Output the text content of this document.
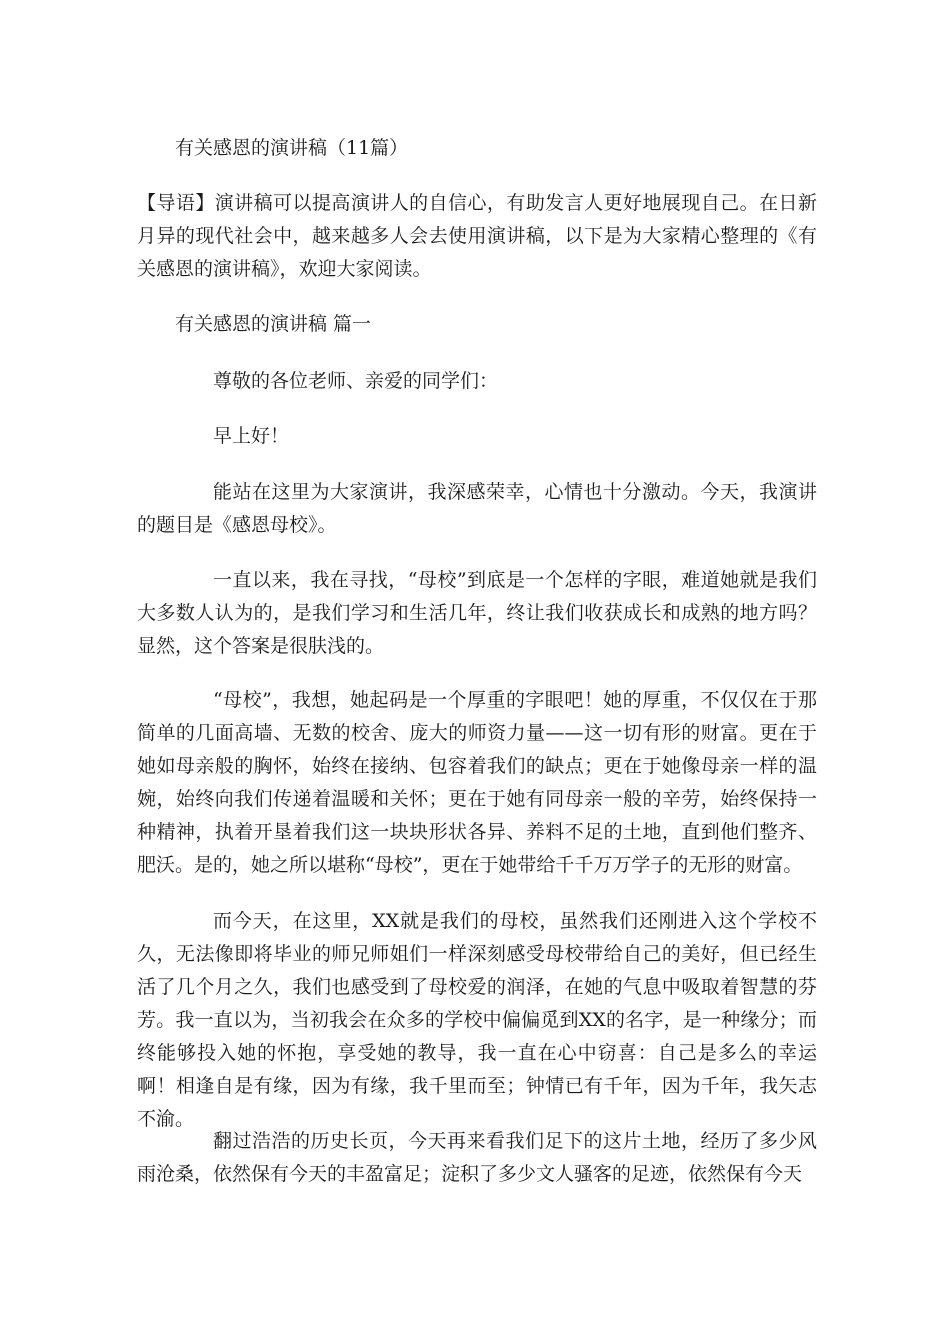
有关感恩的演讲稿（11篇）

【导语】演讲稿可以提高演讲人的自信心，有助发言人更好地展现自己。在日新月异的现代社会中，越来越多人会去使用演讲稿，以下是为大家精心整理的《有关感恩的演讲稿》，欢迎大家阅读。

有关感恩的演讲稿 篇一
尊敬的各位老师、亲爱的同学们：
早上好！

能站在这里为大家演讲，我深感荣幸，心情也十分激动。今天，我演讲的题目是《感恩母校》。

一直以来，我在寻找，“母校”到底是一个怎样的字眼，难道她就是我们大多数人认为的，是我们学习和生活几年，终让我们收获成长和成熟的地方吗？显然，这个答案是很肤浅的。

“母校”，我想，她起码是一个厚重的字眼吧！她的厚重，不仅仅在于那简单的几面高墙、无数的校舍、庞大的师资力量——这一切有形的财富。更在于她如母亲般的胸怀，始终在接纳、包容着我们的缺点；更在于她像母亲一样的温婉，始终向我们传递着温暖和关怀；更在于她有同母亲一般的辛劳，始终保持一种精神，执着开垦着我们这一块块形状各异、养料不足的土地，直到他们整齐、肥沃。是的，她之所以堪称“母校”，更在于她带给千千万万学子的无形的财富。

而今天，在这里，XX就是我们的母校，虽然我们还刚进入这个学校不久，无法像即将毕业的师兄师姐们一样深刻感受母校带给自己的美好，但已经生活了几个月之久，我们也感受到了母校爱的润泽，在她的气息中吸取着智慧的芬芳。我一直以为，当初我会在众多的学校中偏偏觅到XX的名字，是一种缘分；而终能够投入她的怀抱，享受她的教导，我一直在心中窃喜：自己是多么的幸运啊！相逢自是有缘，因为有缘，我千里而至；钟情已有千年，因为千年，我矢志不渝。

翻过浩浩的历史长页，今天再来看我们足下的这片土地，经历了多少风雨沧桑，依然保有今天的丰盈富足；淀积了多少文人骚客的足迹，依然保有今天
